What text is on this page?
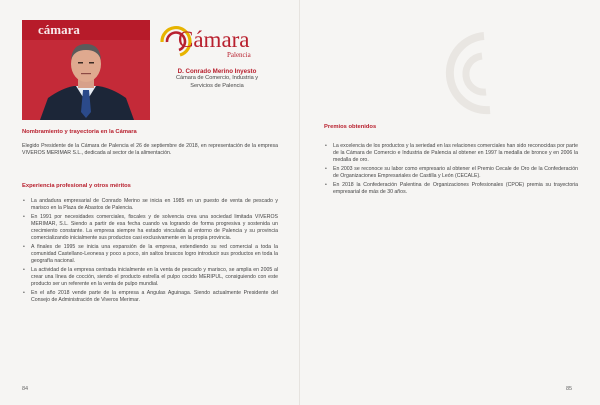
cámara	Cámara
Palencia
D. Conrado Merino Inyesto
Cámara de Comercio, Industria y
Servicios de Palencia
Nombramiento y trayectoria en la Cámara
Elegido Presidente de la Cámara de Palencia el 26 de septiembre de 2018, en representación de la empresa VIVEROS MERIMAR S.L., dedicada al sector de la alimentación.
Experiencia profesional y otros méritos
• La andadura empresarial de Conrado Merino se inicia en 1985 en un puesto de venta de pescado y marisco en la Plaza de Abastos de Palencia.
• En 1991 por necesidades comerciales, fiscales y de solvencia crea una sociedad limitada VIVEROS MERIMAR, S.L. Siendo a partir de esa fecha cuando va logrando de forma progresiva y sostenida un crecimiento constante. La empresa siempre ha estado vinculada al entorno de Palencia y su provincia comercializando inicialmente sus productos casi exclusivamente en la propia provincia.
• A finales de 1995 se inicia una expansión de la empresa, extendiendo su red comercial a toda la comunidad Castellano-Leonesa y poco a poco, sin saltos bruscos logro introducir sus productos en toda la geografía nacional.
• La actividad de la empresa centrada inicialmente en la venta de pescado y marisco, se amplia en 2005 al crear una línea de cocción, siendo el producto estrella el pulpo cocido MERIPUL, consiguiendo con este producto ser un referente en la venta de pulpo mundial.
• En el año 2018 vende parte de la empresa a Angulas Aguinaga. Siendo actualmente Presidente del Consejo de Administración de Viveros Merimar.
84
Premios obtenidos
• La excelencia de los productos y la seriedad en las relaciones comerciales han sido reconocidas por parte de la Cámara de Comercio e Industria de Palencia al obtener en 1997 la medalla de bronce y en 2006 la medalla de oro.
• En 2003 se reconoce su labor como empresario al obtener el Premio Cecale de Oro de la Confederación de Organizaciones Empresariales de Castilla y León (CECALE).
• En 2018 la Confederación Palentina de Organizaciones Profesionales (CPOE) premia su trayectoria empresarial de más de 30 años.
85
